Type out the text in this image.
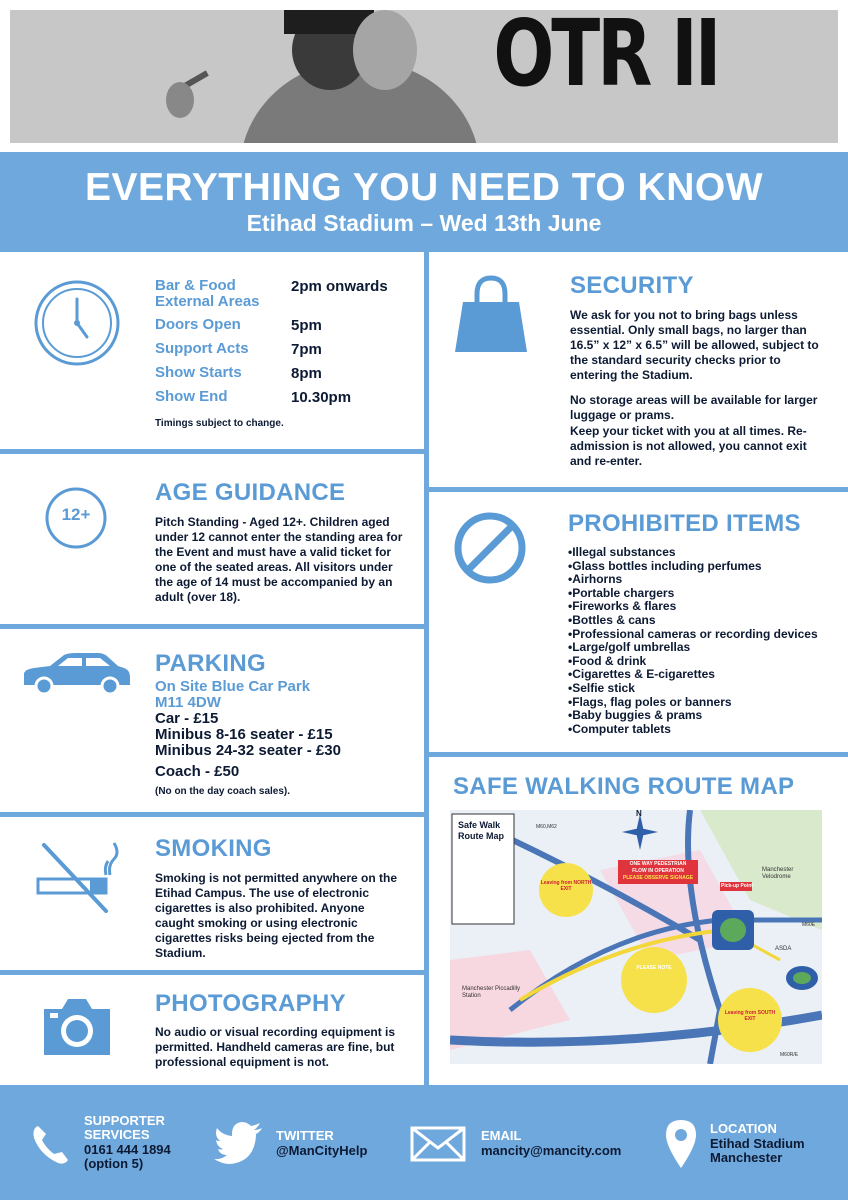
OTR II
EVERYTHING YOU NEED TO KNOW
Etihad Stadium – Wed 13th June
Bar & Food External Areas
2pm onwards
Doors Open	5pm
Support Acts	7pm
Show Starts	8pm
Show End	10.30pm
Timings subject to change.
12+
AGE GUIDANCE
Pitch Standing - Aged 12+. Children aged under 12 cannot enter the standing area for the Event and must have a valid ticket for one of the seated areas. All visitors under the age of 14 must be accompanied by an adult (over 18).
PARKING
On Site Blue Car Park
M11 4DW
Car - £15
Minibus 8-16 seater - £15
Minibus 24-32 seater - £30
Coach - £50
(No on the day coach sales).
SMOKING
Smoking is not permitted anywhere on the Etihad Campus. The use of electronic cigarettes is also prohibited. Anyone caught smoking or using electronic cigarettes risks being ejected from the Stadium.
PHOTOGRAPHY
No audio or visual recording equipment is permitted. Handheld cameras are fine, but professional equipment is not.
SECURITY
We ask for you not to bring bags unless essential. Only small bags, no larger than 16.5” x 12” x 6.5” will be allowed, subject to the standard security checks prior to entering the Stadium.
No storage areas will be available for larger luggage or prams.
Keep your ticket with you at all times. Re-admission is not allowed, you cannot exit and re-enter.
PROHIBITED ITEMS
• Illegal substances
• Glass bottles including perfumes
• Airhorns
• Portable chargers
• Fireworks & flares
• Bottles & cans
• Professional cameras or recording devices
• Large/golf umbrellas
• Food & drink
• Cigarettes & E-cigarettes
• Selfie stick
• Flags, flag poles or banners
• Baby buggies & prams
• Computer tablets
SAFE WALKING ROUTE MAP
Safe Walk
Route Map
N
ONE WAY PEDESTRIAN
FLOW IN OPERATION
PLEASE OBSERVE SIGNAGE
Pick-up Point
Manchester
Velodrome
Manchester Piccadilly
Station
ASDA
PLEASE NOTE
Leaving from NORTH EXIT
Leaving from SOUTH EXIT
M60,M62
M60E
M60R/E
SUPPORTER
SERVICES
0161 444 1894
(option 5)
TWITTER
@ManCityHelp
EMAIL
mancity@mancity.com
LOCATION
Etihad Stadium
Manchester
